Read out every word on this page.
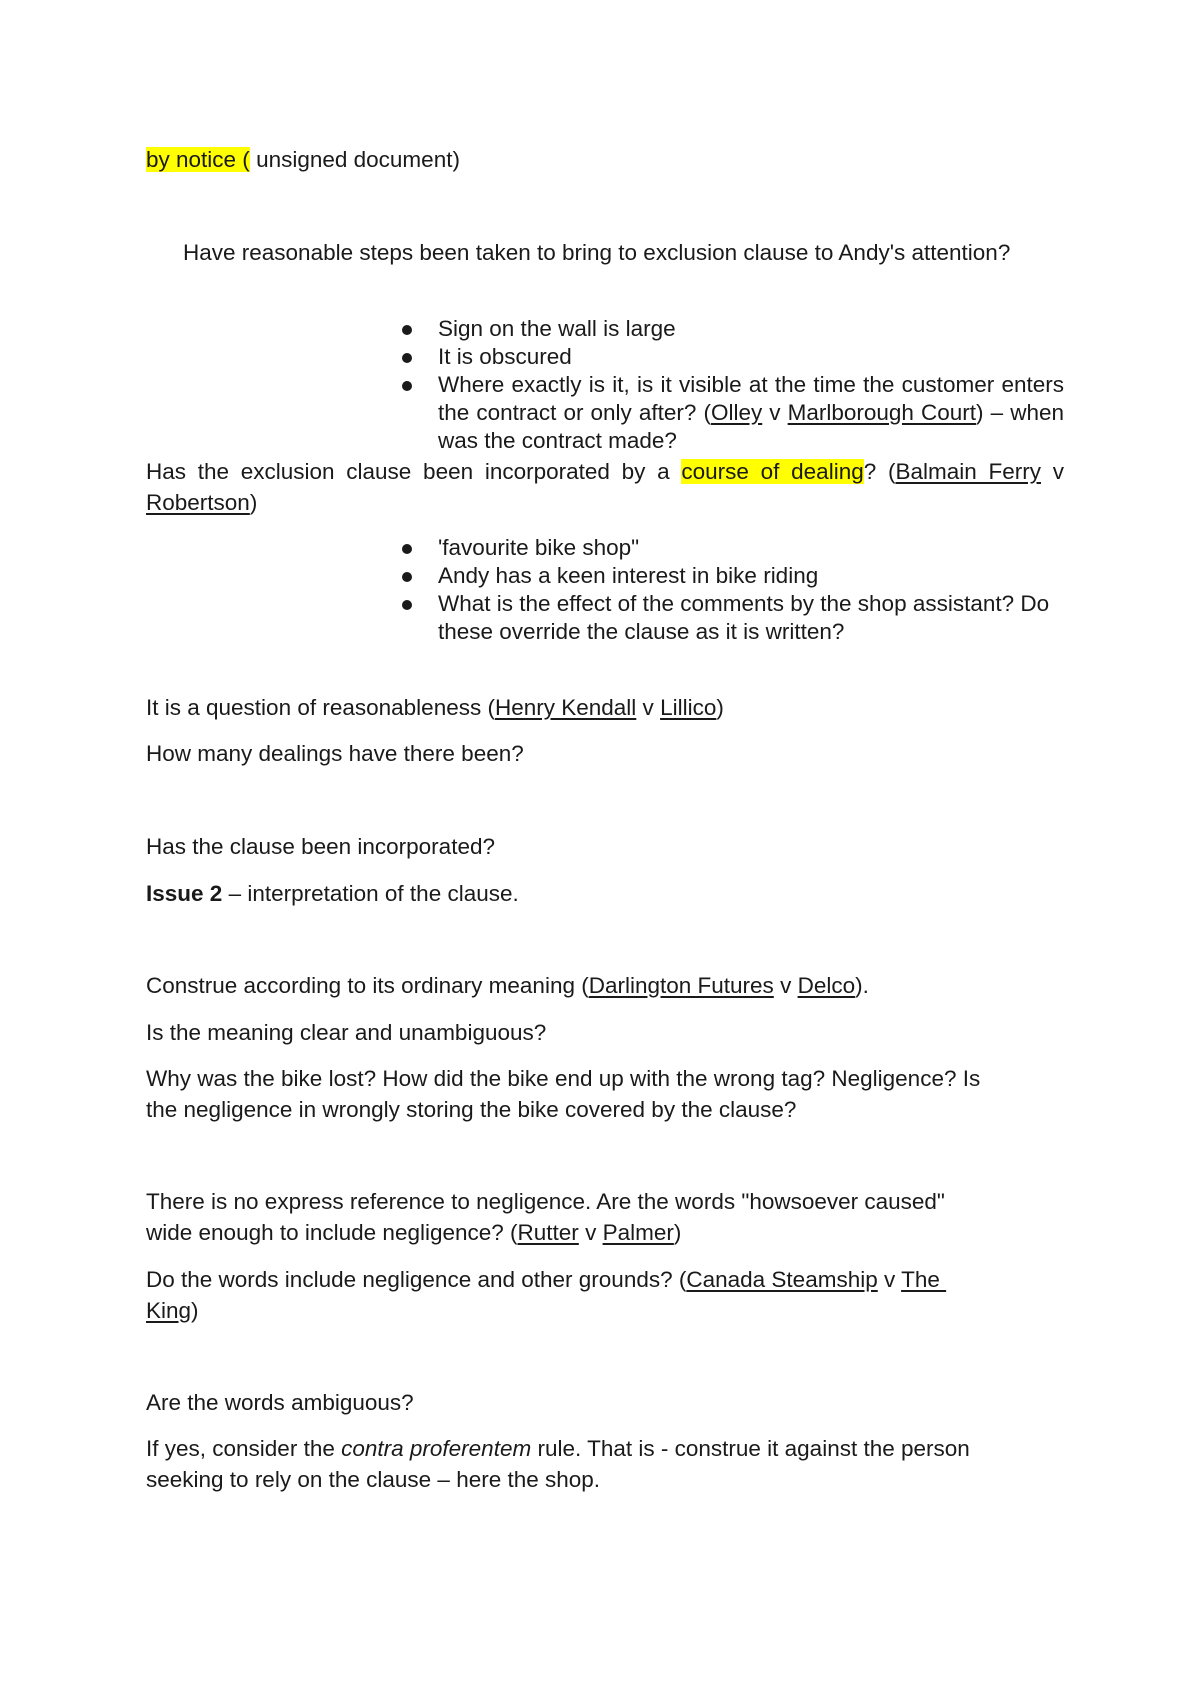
by notice ( unsigned document)
Have reasonable steps been taken to bring to exclusion clause to Andy's attention?
Sign on the wall is large
It is obscured
Where exactly is it, is it visible at the time the customer enters the contract or only after? (Olley v Marlborough Court) – when was the contract made?
Has the exclusion clause been incorporated by a course of dealing? (Balmain Ferry v Robertson)
'favourite bike shop"
Andy has a keen interest in bike riding
What is the effect of the comments by the shop assistant? Do these override the clause as it is written?
It is a question of reasonableness (Henry Kendall v Lillico)
How many dealings have there been?
Has the clause been incorporated?
Issue 2 – interpretation of the clause.
Construe according to its ordinary meaning (Darlington Futures v Delco).
Is the meaning clear and unambiguous?
Why was the bike lost? How did the bike end up with the wrong tag? Negligence? Is
the negligence in wrongly storing the bike covered by the clause?
There is no express reference to negligence. Are the words "howsoever caused"
wide enough to include negligence? (Rutter v Palmer)
Do the words include negligence and other grounds? (Canada Steamship v The
King)
Are the words ambiguous?
If yes, consider the contra proferentem rule. That is - construe it against the person
seeking to rely on the clause – here the shop.
